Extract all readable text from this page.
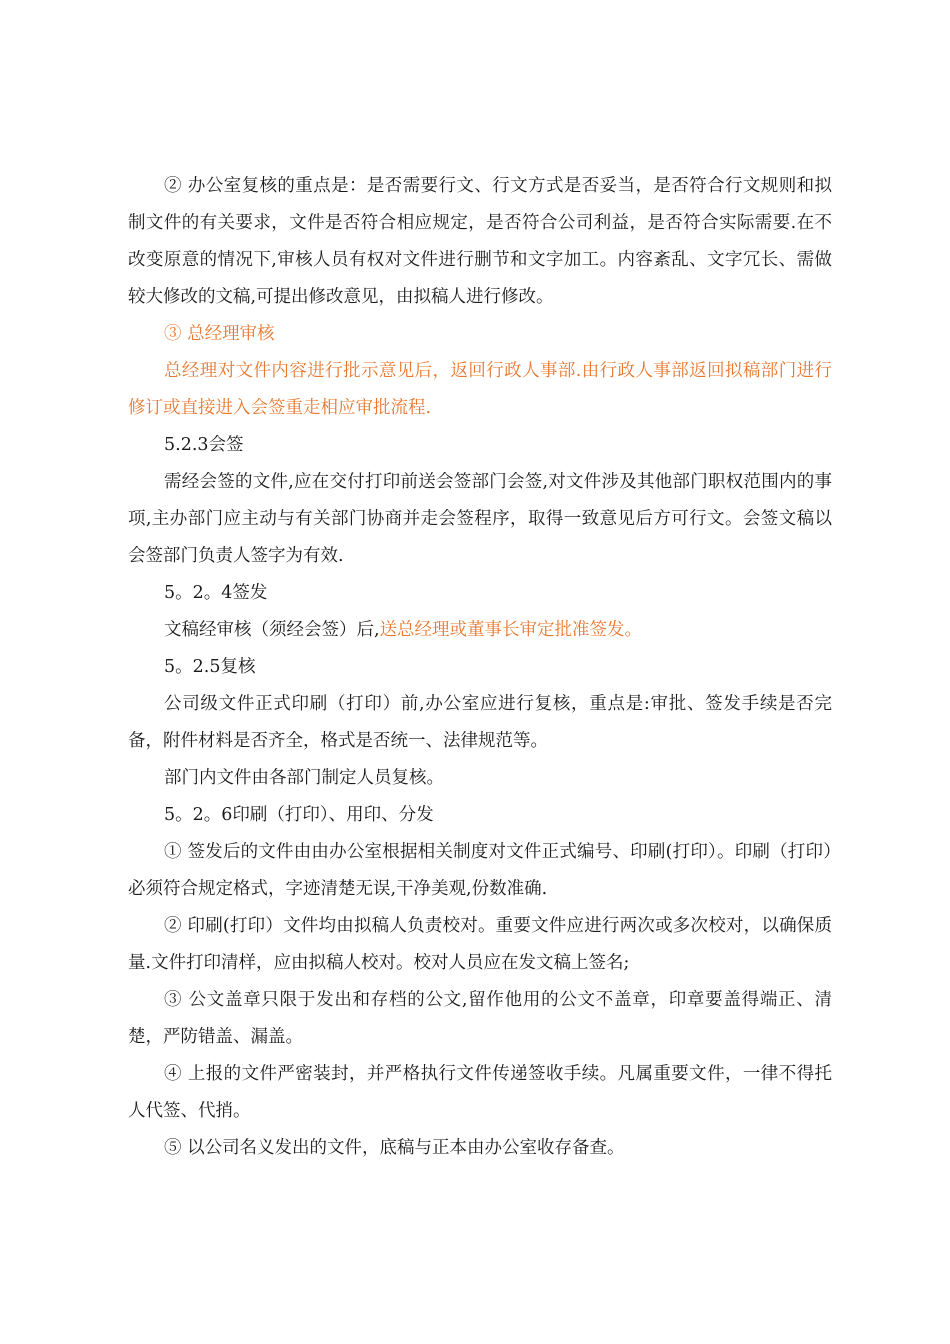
② 办公室复核的重点是：是否需要行文、行文方式是否妥当，是否符合行文规则和拟制文件的有关要求，文件是否符合相应规定，是否符合公司利益，是否符合实际需要.在不改变原意的情况下,审核人员有权对文件进行删节和文字加工。内容紊乱、文字冗长、需做较大修改的文稿,可提出修改意见，由拟稿人进行修改。

③ 总经理审核

总经理对文件内容进行批示意见后，返回行政人事部.由行政人事部返回拟稿部门进行修订或直接进入会签重走相应审批流程.

5.2.3会签

需经会签的文件,应在交付打印前送会签部门会签,对文件涉及其他部门职权范围内的事项,主办部门应主动与有关部门协商并走会签程序，取得一致意见后方可行文。会签文稿以会签部门负责人签字为有效.

5。2。4签发

文稿经审核（须经会签）后,送总经理或董事长审定批准签发。

5。2.5复核

公司级文件正式印刷（打印）前,办公室应进行复核，重点是:审批、签发手续是否完备，附件材料是否齐全，格式是否统一、法律规范等。

部门内文件由各部门制定人员复核。

5。2。6印刷（打印）、用印、分发

① 签发后的文件由由办公室根据相关制度对文件正式编号、印刷(打印）。印刷（打印）必须符合规定格式，字迹清楚无误,干净美观,份数准确.

② 印刷(打印）文件均由拟稿人负责校对。重要文件应进行两次或多次校对，以确保质量.文件打印清样，应由拟稿人校对。校对人员应在发文稿上签名;

③ 公文盖章只限于发出和存档的公文,留作他用的公文不盖章，印章要盖得端正、清楚，严防错盖、漏盖。

④ 上报的文件严密装封，并严格执行文件传递签收手续。凡属重要文件，一律不得托人代签、代捎。

⑤ 以公司名义发出的文件，底稿与正本由办公室收存备查。
